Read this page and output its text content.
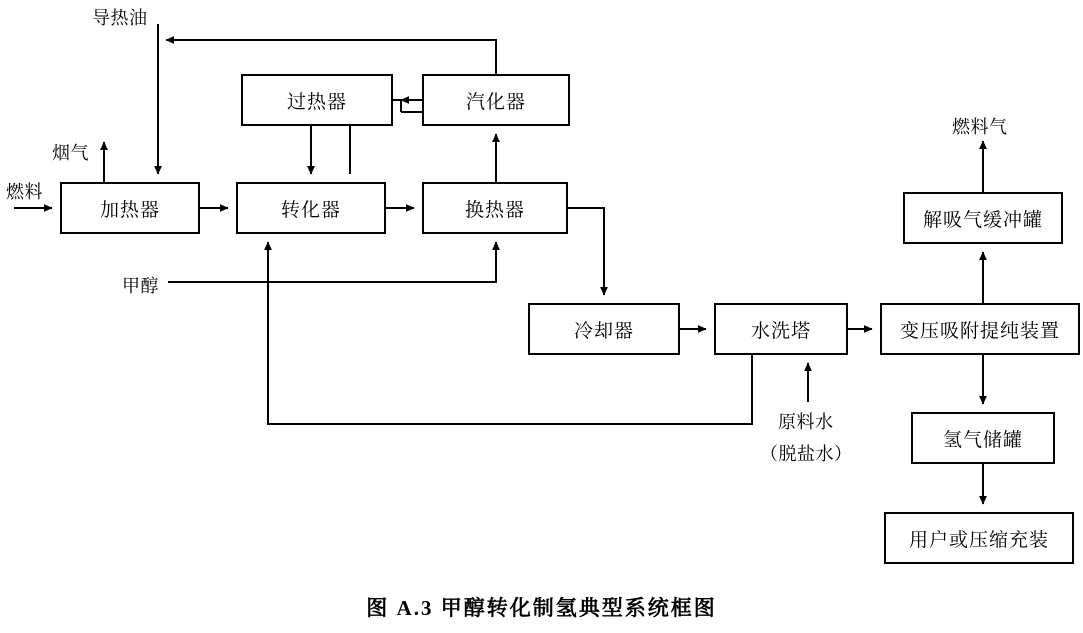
加热器	转化器	换热器
过热器	汽化器
冷却器	水洗塔	变压吸附提纯装置
解吸气缓冲罐
氢气储罐
用户或压缩充装
导热油
烟气
燃料
甲醇
原料水
（脱盐水）
燃料气
图 A.3 甲醇转化制氢典型系统框图
